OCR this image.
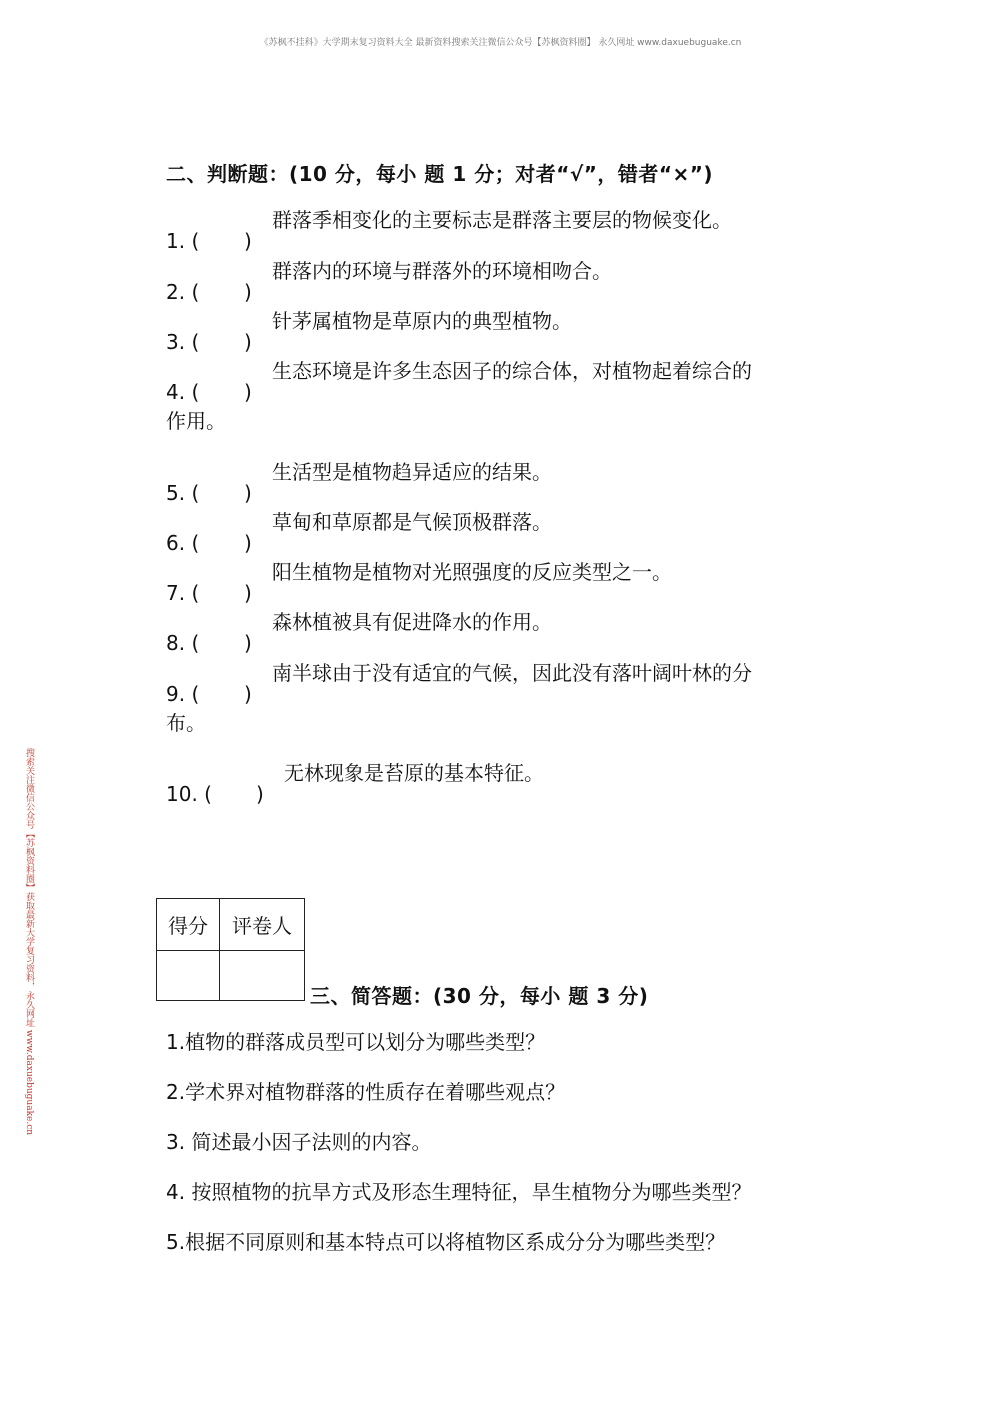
《苏枫不挂科》大学期末复习资料大全 最新资料搜索关注微信公众号【苏枫资料圈】 永久网址 www.daxuebuguake.cn
搜索关注微信公众号【苏枫资料圈】获取最新大学复习资料，永久网址 www.daxuebuguake.cn
二、判断题：(10 分，每小 题 1 分；对者“√”，错者“×”)
1. ( )
群落季相变化的主要标志是群落主要层的物候变化。
2. ( )
群落内的环境与群落外的环境相吻合。
3. ( )
针茅属植物是草原内的典型植物。
4. ( )
生态环境是许多生态因子的综合体，对植物起着综合的
作用。
5. ( )
生活型是植物趋异适应的结果。
6. ( )
草甸和草原都是气候顶极群落。
7. ( )
阳生植物是植物对光照强度的反应类型之一。
8. ( )
森林植被具有促进降水的作用。
9. ( )
南半球由于没有适宜的气候，因此没有落叶阔叶林的分
布。
10. ( )
无林现象是苔原的基本特征。
得分	评卷人

三、简答题：(30 分，每小 题 3 分)
1.植物的群落成员型可以划分为哪些类型？
2.学术界对植物群落的性质存在着哪些观点？
3. 简述最小因子法则的内容。
4. 按照植物的抗旱方式及形态生理特征，旱生植物分为哪些类型？
5.根据不同原则和基本特点可以将植物区系成分分为哪些类型？
